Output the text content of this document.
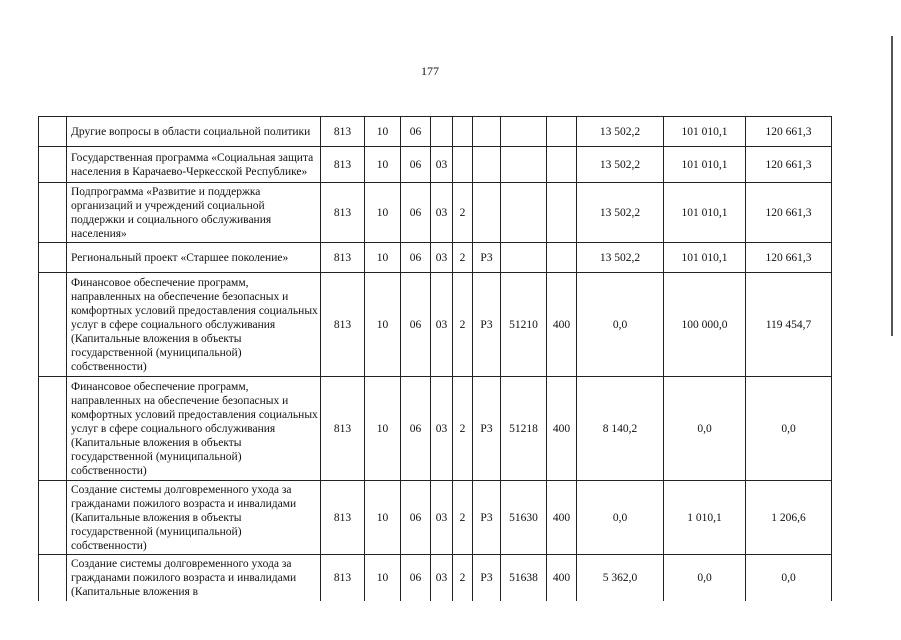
177
	Другие вопросы в области социальной политики	813	10	06						13 502,2	101 010,1	120 661,3
	Государственная программа «Социальная защита населения в Карачаево-Черкесской Республике»	813	10	06	03					13 502,2	101 010,1	120 661,3
	Подпрограмма «Развитие и поддержка организаций и учреждений социальной поддержки и социального обслуживания населения»	813	10	06	03	2				13 502,2	101 010,1	120 661,3
	Региональный проект «Старшее поколение»	813	10	06	03	2	P3			13 502,2	101 010,1	120 661,3
	Финансовое обеспечение программ, направленных на обеспечение безопасных и комфортных условий предоставления социальных услуг в сфере социального обслуживания (Капитальные вложения в объекты государственной (муниципальной) собственности)	813	10	06	03	2	P3	51210	400	0,0	100 000,0	119 454,7
	Финансовое обеспечение программ, направленных на обеспечение безопасных и комфортных условий предоставления социальных услуг в сфере социального обслуживания (Капитальные вложения в объекты государственной (муниципальной) собственности)	813	10	06	03	2	P3	51218	400	8 140,2	0,0	0,0
	Создание системы долговременного ухода за гражданами пожилого возраста и инвалидами (Капитальные вложения в объекты государственной (муниципальной) собственности)	813	10	06	03	2	P3	51630	400	0,0	1 010,1	1 206,6
	Создание системы долговременного ухода за гражданами пожилого возраста и инвалидами (Капитальные вложения в	813	10	06	03	2	P3	51638	400	5 362,0	0,0	0,0
